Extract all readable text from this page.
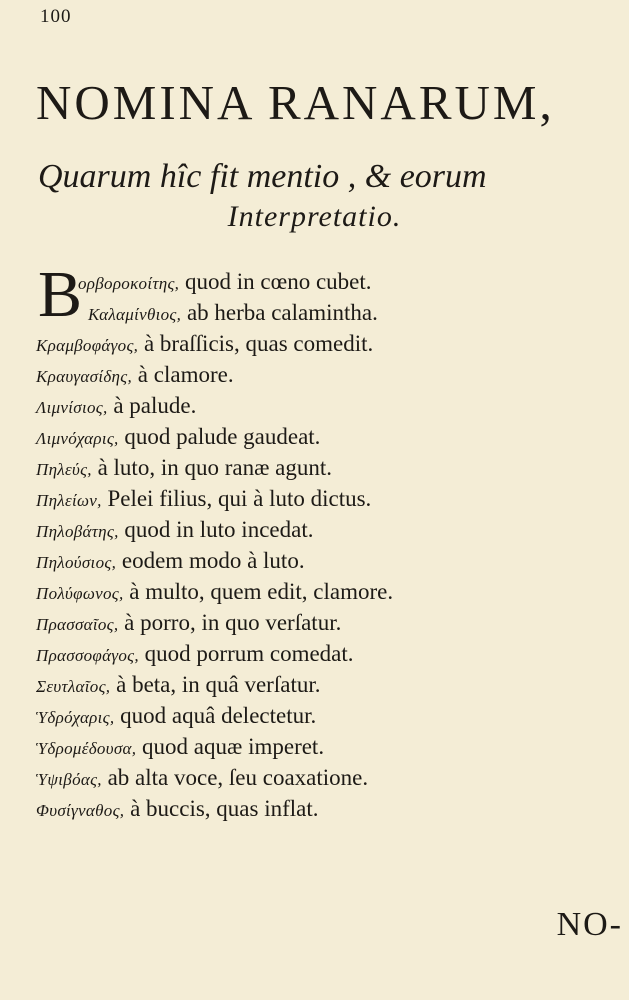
100
NOMINA RANARUM,
Quarum hîc fit mentio , & eorum
Interpretatio.
B
ορβοροκοίτης, quod in cœno cubet.
Καλαμίνθιος, ab herba calamintha.
Κραμβοφάγος, à braſſicis, quas comedit.
Κραυγασίδης, à clamore.
Λιμνίσιος, à palude.
Λιμνόχαρις, quod palude gaudeat.
Πηλεύς, à luto, in quo ranæ agunt.
Πηλείων, Pelei filius, qui à luto dictus.
Πηλοβάτης, quod in luto incedat.
Πηλούσιος, eodem modo à luto.
Πολύφωνος, à multo, quem edit, clamore.
Πρασσαῖος, à porro, in quo verſatur.
Πρασσοφάγος, quod porrum comedat.
Σευτλαῖος, à beta, in quâ verſatur.
Ὑδρόχαρις, quod aquâ delectetur.
Ὑδρομέδουσα, quod aquæ imperet.
Ὑψιβόας, ab alta voce, ſeu coaxatione.
Φυσίγναθος, à buccis, quas inflat.
NO-
